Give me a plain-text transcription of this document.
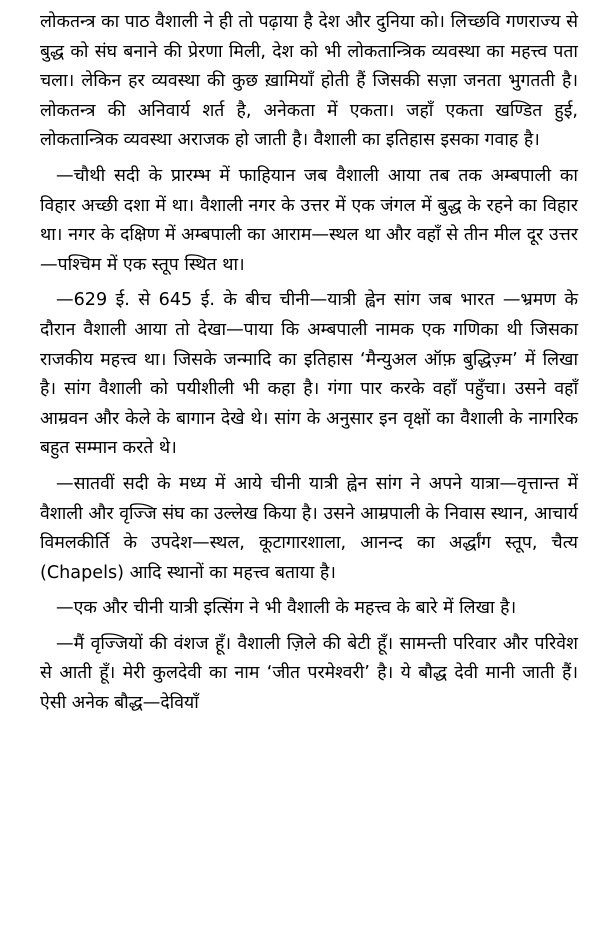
लोकतन्त्र का पाठ वैशाली ने ही तो पढ़ाया है देश और दुनिया को। लिच्छवि गणराज्य से बुद्ध को संघ बनाने की प्रेरणा मिली, देश को भी लोकतान्त्रिक व्यवस्था का महत्त्व पता चला। लेकिन हर व्यवस्था की कुछ ख़ामियाँ होती हैं जिसकी सज़ा जनता भुगतती है। लोकतन्त्र की अनिवार्य शर्त है, अनेकता में एकता। जहाँ एकता खण्डित हुई, लोकतान्त्रिक व्यवस्था अराजक हो जाती है। वैशाली का इतिहास इसका गवाह है।

—चौथी सदी के प्रारम्भ में फाहियान जब वैशाली आया तब तक अम्बपाली का विहार अच्छी दशा में था। वैशाली नगर के उत्तर में एक जंगल में बुद्ध के रहने का विहार था। नगर के दक्षिण में अम्बपाली का आराम—स्थल था और वहाँ से तीन मील दूर उत्तर—पश्चिम में एक स्तूप स्थित था।

—629 ई. से 645 ई. के बीच चीनी—यात्री ह्वेन सांग जब भारत —भ्रमण के दौरान वैशाली आया तो देखा—पाया कि अम्बपाली नामक एक गणिका थी जिसका राजकीय महत्त्व था। जिसके जन्मादि का इतिहास ‘मैन्युअल ऑफ़ बुद्धिज़्म’ में लिखा है। सांग वैशाली को पयीशीली भी कहा है। गंगा पार करके वहाँ पहुँचा। उसने वहाँ आम्रवन और केले के बागान देखे थे। सांग के अनुसार इन वृक्षों का वैशाली के नागरिक बहुत सम्मान करते थे।

—सातवीं सदी के मध्य में आये चीनी यात्री ह्वेन सांग ने अपने यात्रा—वृत्तान्त में वैशाली और वृज्जि संघ का उल्लेख किया है। उसने आम्रपाली के निवास स्थान, आचार्य विमलकीर्ति के उपदेश—स्थल, कूटागारशाला, आनन्द का अर्द्धांग स्तूप, चैत्य (Chapels) आदि स्थानों का महत्त्व बताया है।

—एक और चीनी यात्री इत्सिंग ने भी वैशाली के महत्त्व के बारे में लिखा है।

—मैं वृज्जियों की वंशज हूँ। वैशाली ज़िले की बेटी हूँ। सामन्ती परिवार और परिवेश से आती हूँ। मेरी कुलदेवी का नाम ‘जीत परमेश्वरी’ है। ये बौद्ध देवी मानी जाती हैं। ऐसी अनेक बौद्ध—देवियाँ
